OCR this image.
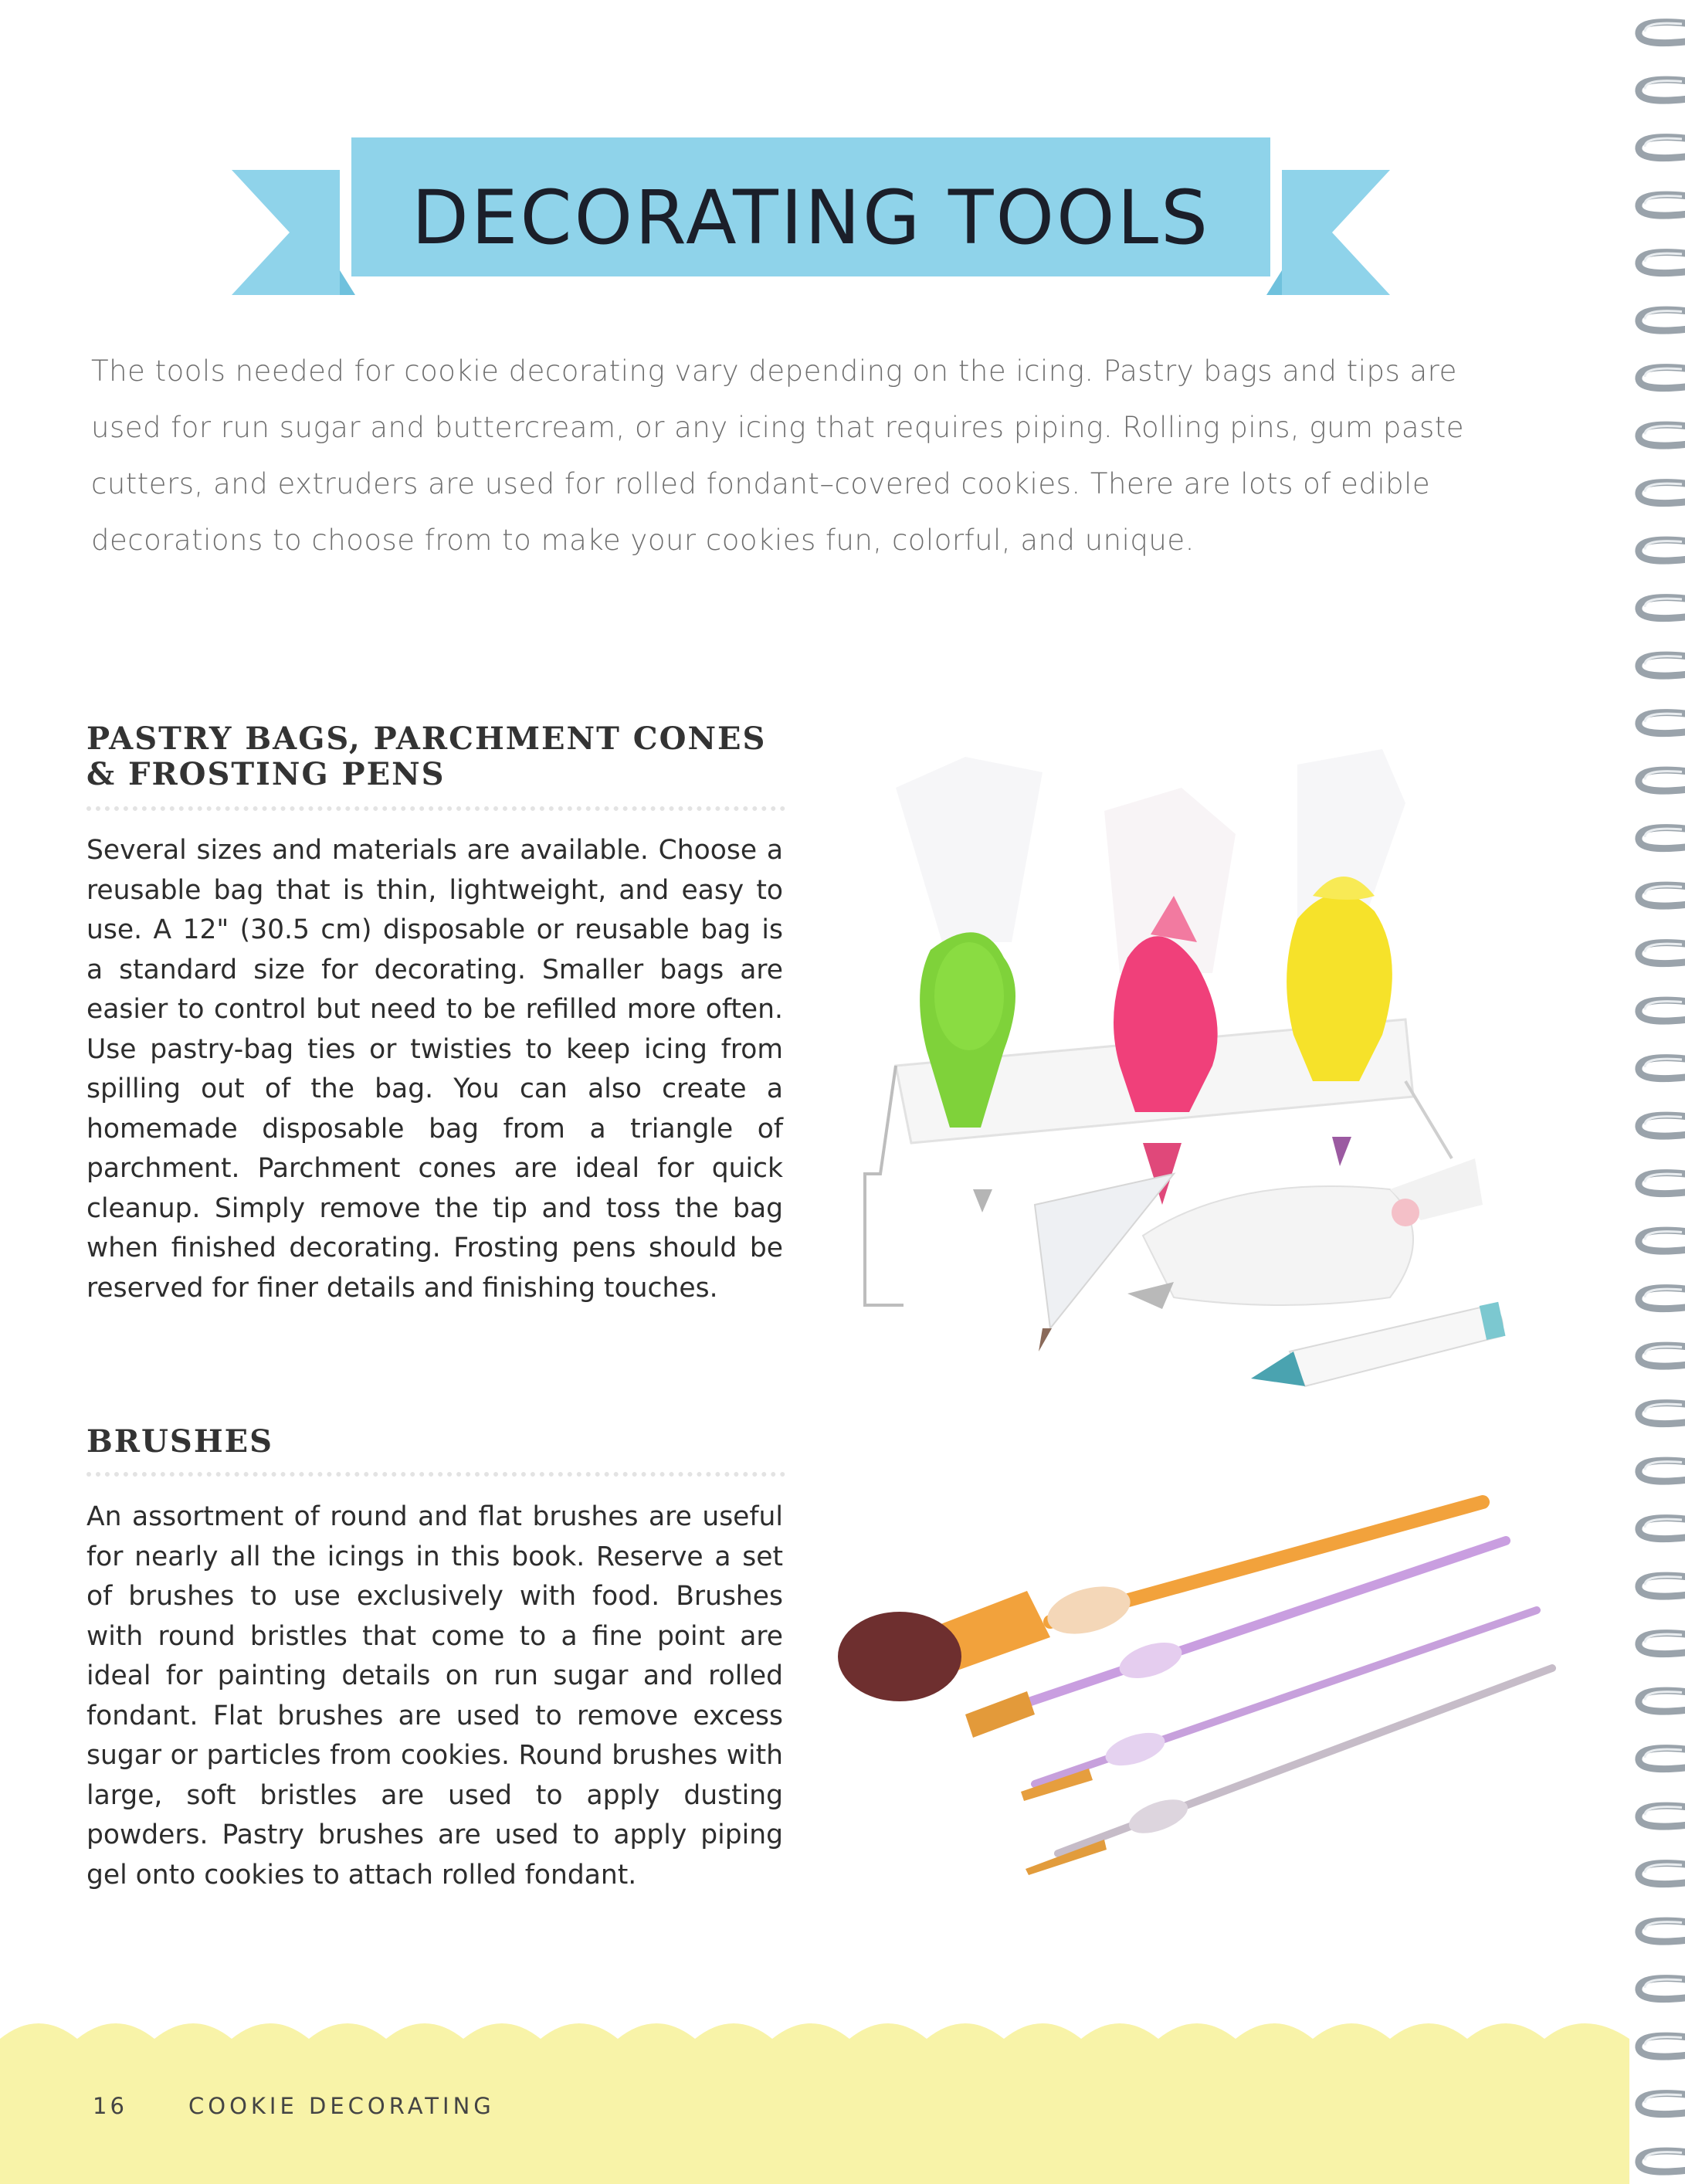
DECORATING TOOLS

The tools needed for cookie decorating vary depending on the icing. Pastry bags and tips are used for run sugar and buttercream, or any icing that requires piping. Rolling pins, gum paste cutters, and extruders are used for rolled fondant–covered cookies. There are lots of edible decorations to choose from to make your cookies fun, colorful, and unique.

PASTRY BAGS, PARCHMENT CONES
& FROSTING PENS

Several sizes and materials are available. Choose a reusable bag that is thin, lightweight, and easy to use. A 12" (30.5 cm) disposable or reusable bag is a standard size for decorating. Smaller bags are easier to control but need to be refilled more often. Use pastry-bag ties or twisties to keep icing from spilling out of the bag. You can also create a homemade disposable bag from a triangle of parchment. Parchment cones are ideal for quick cleanup. Simply remove the tip and toss the bag when finished decorating. Frosting pens should be reserved for finer details and finishing touches.

BRUSHES

An assortment of round and flat brushes are useful for nearly all the icings in this book. Reserve a set of brushes to use exclusively with food. Brushes with round bristles that come to a fine point are ideal for painting details on run sugar and rolled fondant. Flat brushes are used to remove excess sugar or particles from cookies. Round brushes with large, soft bristles are used to apply dusting powders. Pastry brushes are used to apply piping gel onto cookies to attach rolled fondant.

16	COOKIE DECORATING
